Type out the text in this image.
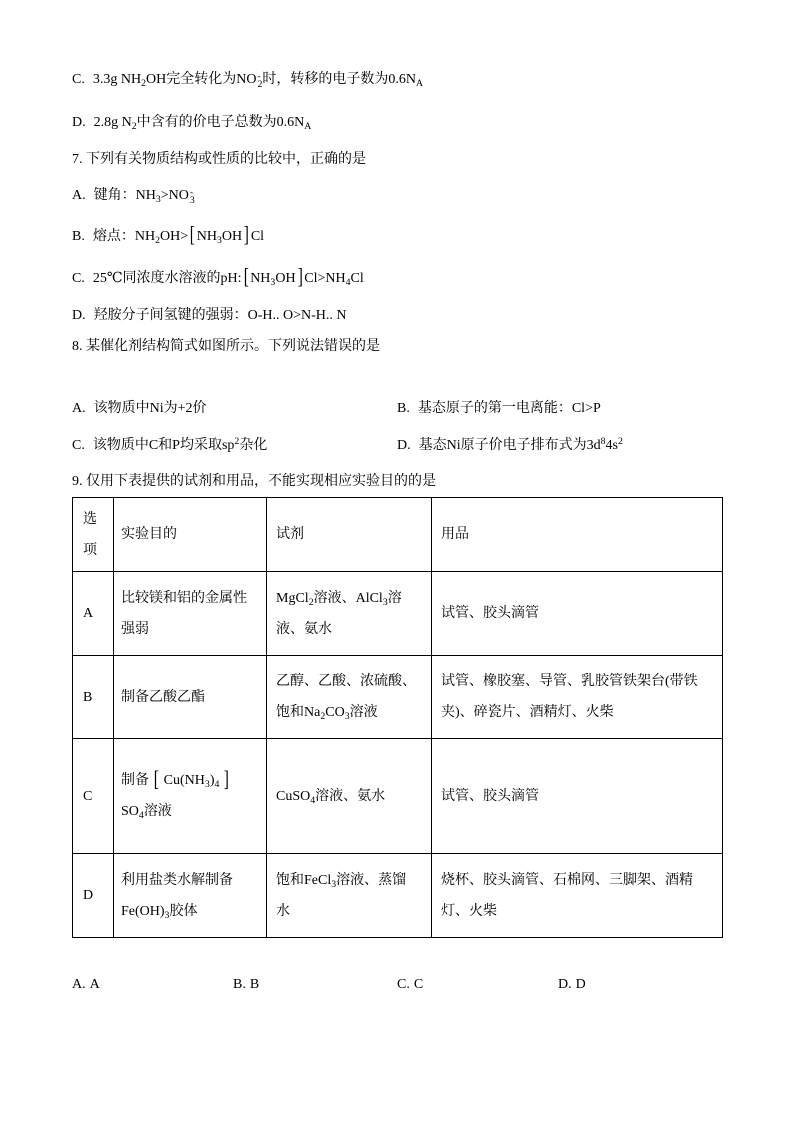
C. 3.3g $NH_2OH$完全转化为NO -
2 时，转移的电子数为$0.6N_A$
D. 2.8g $N_2$中含有的价电子总数为$0.6N_A$
7. 下列有关物质结构或性质的比较中，正确的是
A. 键角：$NH_3>NO$ -
3
B. 熔点：$NH_2OH>$ [ $NH_3OH$ ] Cl
C. 25℃同浓度水溶液的pH: [ $NH_3OH$ ] $Cl>NH_4Cl$
D. 羟胺分子间氢键的强弱：O-H.. O>N-H.. N
8. 某催化剂结构简式如图所示。下列说法错误的是
A. 该物质中Ni为+2价	B. 基态原子的第一电离能：Cl>P
C. 该物质中C和P均采取$sp^2$杂化	D. 基态Ni原子价电子排布式为$3d^84s^2$
9. 仅用下表提供的试剂和用品，不能实现相应实验目的的是
选项	实验目的	试剂	用品

A	比较镁和铝的金属性强弱	MgCl$_2$溶液、AlCl$_3$溶液、氨水	试管、胶头滴管

B	制备乙酸乙酯	乙醇、乙酸、浓硫酸、饱和$Na_2CO_3$溶液	试管、橡胶塞、导管、乳胶管铁架台(带铁夹)、碎瓷片、酒精灯、火柴

C	制备 [ $Cu(NH_3)_4$ ]$SO_4$溶液	CuSO$_4$溶液、氨水	试管、胶头滴管

D	利用盐类水解制备$Fe(OH)_3$胶体	饱和FeCl$_3$溶液、蒸馏水	烧杯、胶头滴管、石棉网、三脚架、酒精灯、火柴
A. A	B. B	C. C	D. D
